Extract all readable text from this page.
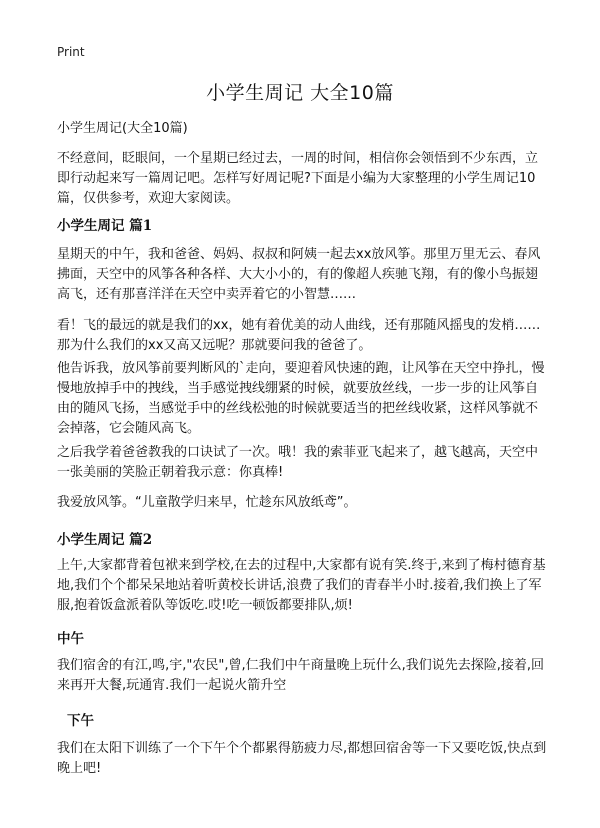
Print
小学生周记 大全10篇

小学生周记(大全10篇)

不经意间，眨眼间，一个星期已经过去，一周的时间，相信你会领悟到不少东西，立即行动起来写一篇周记吧。怎样写好周记呢?下面是小编为大家整理的小学生周记10篇，仅供参考，欢迎大家阅读。

小学生周记 篇1

星期天的中午，我和爸爸、妈妈、叔叔和阿姨一起去xx放风筝。那里万里无云、春风拂面，天空中的风筝各种各样、大大小小的，有的像超人疾驰飞翔，有的像小鸟振翅高飞，还有那喜洋洋在天空中卖弄着它的小智慧……

看！飞的最远的就是我们的xx，她有着优美的动人曲线，还有那随风摇曳的发梢……那为什么我们的xx又高又远呢？那就要问我的爸爸了。

他告诉我，放风筝前要判断风的`走向，要迎着风快速的跑，让风筝在天空中挣扎，慢慢地放掉手中的拽线，当手感觉拽线绷紧的时候，就要放丝线，一步一步的让风筝自由的随风飞扬，当感觉手中的丝线松弛的时候就要适当的把丝线收紧，这样风筝就不会掉落，它会随风高飞。

之后我学着爸爸教我的口诀试了一次。哦！我的索菲亚飞起来了，越飞越高，天空中一张美丽的笑脸正朝着我示意：你真棒!

我爱放风筝。“儿童散学归来早，忙趁东风放纸鸢”。

小学生周记 篇2

上午,大家都背着包袱来到学校,在去的过程中,大家都有说有笑.终于,来到了梅村德育基地,我们个个都呆呆地站着听黄校长讲话,浪费了我们的青春半小时.接着,我们换上了军服,抱着饭盒派着队等饭吃.哎!吃一顿饭都要排队,烦!

中午

我们宿舍的有江,鸣,宇,"农民",曾,仁我们中午商量晚上玩什么,我们说先去探险,接着,回来再开大餐,玩通宵.我们一起说火箭升空

下午

我们在太阳下训练了一个下午个个都累得筋疲力尽,都想回宿舍等一下又要吃饭,快点到晚上吧!
